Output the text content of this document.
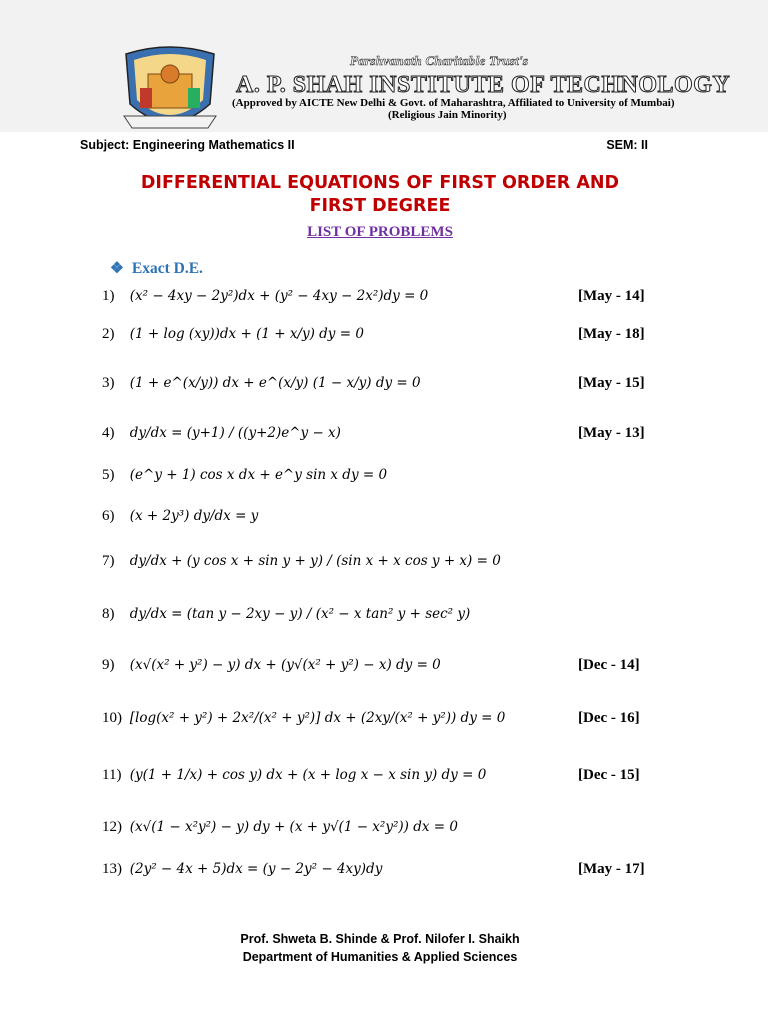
Parshvanath Charitable Trust's
A. P. SHAH INSTITUTE OF TECHNOLOGY
(Approved by AICTE New Delhi & Govt. of Maharashtra, Affiliated to University of Mumbai)
(Religious Jain Minority)
Subject: Engineering Mathematics II	SEM: II
DIFFERENTIAL EQUATIONS OF FIRST ORDER AND
FIRST DEGREE
LIST OF PROBLEMS
❖ Exact D.E.
1) (x² − 4xy − 2y²)dx + (y² − 4xy − 2x²)dy = 0	[May - 14]
2) (1 + log (xy))dx + (1 + x/y) dy = 0	[May - 18]
3) (1 + e^(x/y)) dx + e^(x/y) (1 − x/y) dy = 0	[May - 15]
4) dy/dx = (y+1) / ((y+2)e^y − x)	[May - 13]
5) (e^y + 1) cos x dx + e^y sin x dy = 0
6) (x + 2y³) dy/dx = y
7) dy/dx + (y cos x + sin y + y) / (sin x + x cos y + x) = 0
8) dy/dx = (tan y − 2xy − y) / (x² − x tan² y + sec² y)
9) (x√(x² + y²) − y) dx + (y√(x² + y²) − x) dy = 0	[Dec - 14]
10) [log(x² + y²) + 2x²/(x² + y²)] dx + (2xy/(x² + y²)) dy = 0	[Dec - 16]
11) (y(1 + 1/x) + cos y) dx + (x + log x − x sin y) dy = 0	[Dec - 15]
12) (x√(1 − x²y²) − y) dy + (x + y√(1 − x²y²)) dx = 0
13) (2y² − 4x + 5)dx = (y − 2y² − 4xy)dy	[May - 17]
Prof. Shweta B. Shinde & Prof. Nilofer I. Shaikh
Department of Humanities & Applied Sciences
